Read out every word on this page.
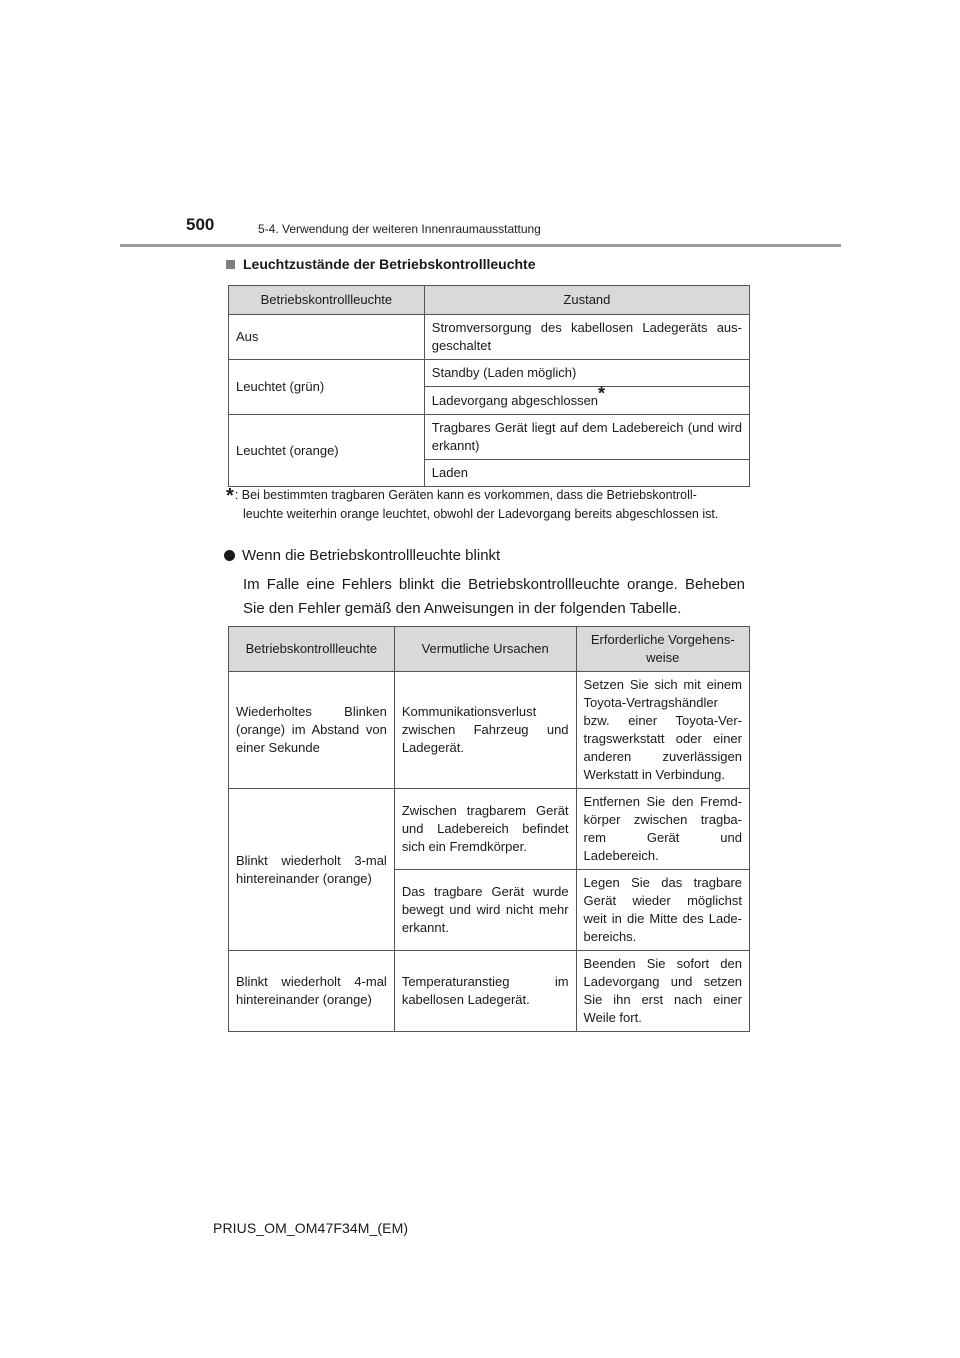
500	5-4. Verwendung der weiteren Innenraumausstattung
Leuchtzustände der Betriebskontrollleuchte
Betriebskontrollleuchte	Zustand
Aus	Stromversorgung des kabellosen Ladegeräts aus-geschaltet
Leuchtet (grün)	Standby (Laden möglich)
	Ladevorgang abgeschlossen*
Leuchtet (orange)	Tragbares Gerät liegt auf dem Ladebereich (und wird erkannt)
	Laden
*: Bei bestimmten tragbaren Geräten kann es vorkommen, dass die Betriebskontroll-
leuchte weiterhin orange leuchtet, obwohl der Ladevorgang bereits abgeschlossen ist.
Wenn die Betriebskontrollleuchte blinkt
Im Falle eine Fehlers blinkt die Betriebskontrollleuchte orange. Beheben Sie den Fehler gemäß den Anweisungen in der folgenden Tabelle.
Betriebskontrollleuchte	Vermutliche Ursachen	Erforderliche Vorgehens-weise
Wiederholtes Blinken (orange) im Abstand von einer Sekunde	Kommunikationsverlust zwischen Fahrzeug und Ladegerät.	Setzen Sie sich mit einem Toyota-Vertragshändler bzw. einer Toyota-Ver-tragswerkstatt oder einer anderen zuverlässigen Werkstatt in Verbindung.
Blinkt wiederholt 3-mal hintereinander (orange)	Zwischen tragbarem Gerät und Ladebereich befindet sich ein Fremdkörper.	Entfernen Sie den Fremd-körper zwischen tragba-rem Gerät und Ladebereich.
	Das tragbare Gerät wurde bewegt und wird nicht mehr erkannt.	Legen Sie das tragbare Gerät wieder möglichst weit in die Mitte des Lade-bereichs.
Blinkt wiederholt 4-mal hintereinander (orange)	Temperaturanstieg im kabellosen Ladegerät.	Beenden Sie sofort den Ladevorgang und setzen Sie ihn erst nach einer Weile fort.
PRIUS_OM_OM47F34M_(EM)
